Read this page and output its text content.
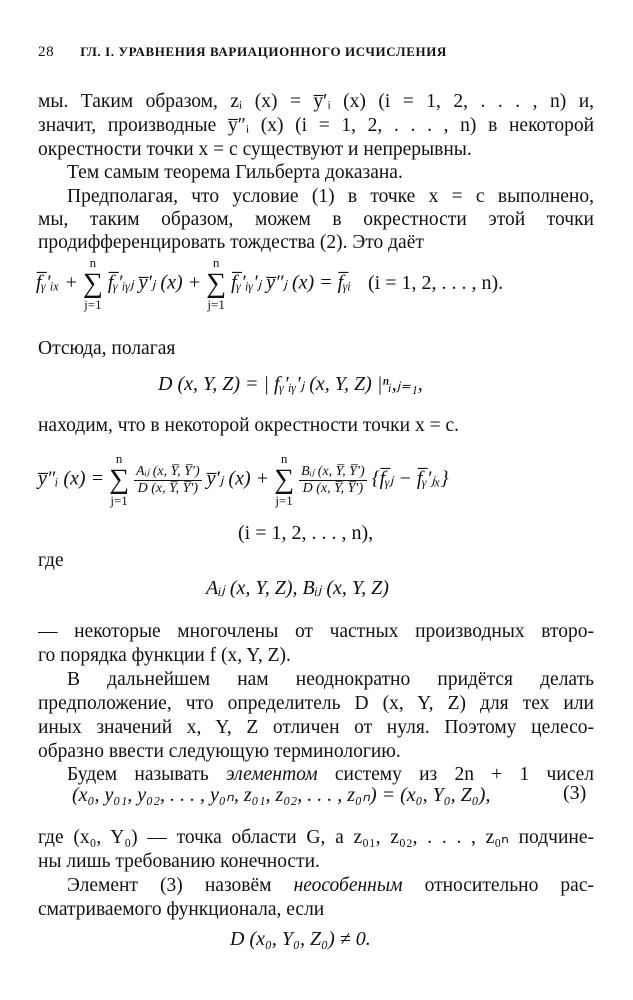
28 ГЛ. I. УРАВНЕНИЯ ВАРИАЦИОННОГО ИСЧИСЛЕНИЯ
мы. Таким образом, zᵢ (x) = y̅′ᵢ (x) (i = 1, 2, . . . , n) и,
значит, производные y̅″ᵢ (x) (i = 1, 2, . . . , n) в некоторой
окрестности точки x = c существуют и непрерывны.
Тем самым теорема Гильберта доказана.
Предполагая, что условие (1) в точке x = c выполнено,
мы, таким образом, можем в окрестности этой точки
продифференцировать тождества (2). Это даёт
f̅ᵧ′ᵢₓ + n
∑
j=1 f̅ᵧ′ᵢᵧⱼ y̅′ⱼ (x) + n
∑
j=1 f̅ᵧ′ᵢᵧ′ⱼ y̅″ⱼ (x) = f̅ᵧᵢ (i = 1, 2, . . . , n).
Отсюда, полагая
D (x, Y, Z) = | fᵧ′ᵢᵧ′ⱼ (x, Y, Z) |ⁿᵢ,ⱼ₌₁,
находим, что в некоторой окрестности точки x = c.
y̅″ᵢ (x) = n
∑
j=1
$\frac{\text{Aᵢⱼ (x, Y̅, Y̅′)}}{D (x, Y̅, Y̅')}$ y̅′ⱼ (x) + n
∑
j=1
$\frac{\text{Bᵢⱼ (x, Y̅, Y̅′)}}{D (x, Y̅, Y̅')}$ {f̅ᵧⱼ − f̅ᵧ′ⱼₓ}
(i = 1, 2, . . . , n),
где
Aᵢⱼ (x, Y, Z), Bᵢⱼ (x, Y, Z)
— некоторые многочлены от частных производных второ-
го порядка функции f (x, Y, Z).
В дальнейшем нам неоднократно придётся делать
предположение, что определитель D (x, Y, Z) для тех или
иных значений x, Y, Z отличен от нуля. Поэтому целесо-
образно ввести следующую терминологию.
Будем называть элементом систему из 2n + 1 чисел
(x₀, y₀₁, y₀₂, . . . , y₀ₙ, z₀₁, z₀₂, . . . , z₀ₙ) = (x₀, Y₀, Z₀),	(3)
где (x₀, Y₀) — точка области G, а z₀₁, z₀₂, . . . , z₀ₙ подчине-
ны лишь требованию конечности.
Элемент (3) назовём неособенным относительно рас-
сматриваемого функционала, если
D (x₀, Y₀, Z₀) ≠ 0.
